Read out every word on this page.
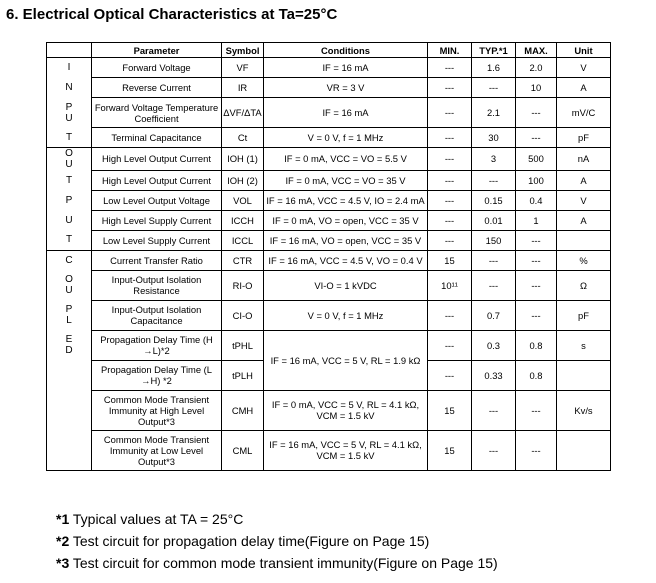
6. Electrical Optical Characteristics at Ta=25°C
	Parameter	Symbol	Conditions	MIN.	TYP.*1	MAX.	Unit

I	Forward Voltage	VF	IF = 16 mA	---	1.6	2.0	V

N	Reverse Current	IR	VR = 3 V	---	---	10	A

P
U	Forward Voltage Temperature Coefficient	ΔVF/ΔTA	IF = 16 mA	---	2.1	---	mV/C

T	Terminal Capacitance	Ct	V = 0 V, f = 1 MHz	---	30	---	pF

O
U	High Level Output Current	IOH (1)	IF = 0 mA, VCC = VO = 5.5 V	---	3	500	nA

T	High Level Output Current	IOH (2)	IF = 0 mA, VCC = VO = 35 V	---	---	100	A

P	Low Level Output Voltage	VOL	IF = 16 mA, VCC = 4.5 V, IO = 2.4 mA	---	0.15	0.4	V

U	High Level Supply Current	ICCH	IF = 0 mA, VO = open, VCC = 35 V	---	0.01	1	A

T	Low Level Supply Current	ICCL	IF = 16 mA, VO = open, VCC = 35 V	---	150	---	

C	Current Transfer Ratio	CTR	IF = 16 mA, VCC = 4.5 V, VO = 0.4 V	15	---	---	%

O
U	Input-Output Isolation Resistance	RI-O	VI-O = 1 kVDC	10¹¹	---	---	Ω

P
L	Input-Output Isolation Capacitance	CI-O	V = 0 V, f = 1 MHz	---	0.7	---	pF

E
D	Propagation Delay Time (H →L)*2	tPHL	IF = 16 mA, VCC = 5 V, RL = 1.9 kΩ	---	0.3	0.8	s
	Propagation Delay Time (L →H) *2	tPLH		---	0.33	0.8	
	Common Mode Transient Immunity at High Level Output*3	CMH	IF = 0 mA, VCC = 5 V, RL = 4.1 kΩ, VCM = 1.5 kV	15	---	---	Kv/s
	Common Mode Transient Immunity at Low Level Output*3	CML	IF = 16 mA, VCC = 5 V, RL = 4.1 kΩ, VCM = 1.5 kV	15	---	---	
*1 Typical values at TA = 25°C
*2 Test circuit for propagation delay time(Figure on Page 15)
*3 Test circuit for common mode transient immunity(Figure on Page 15)
